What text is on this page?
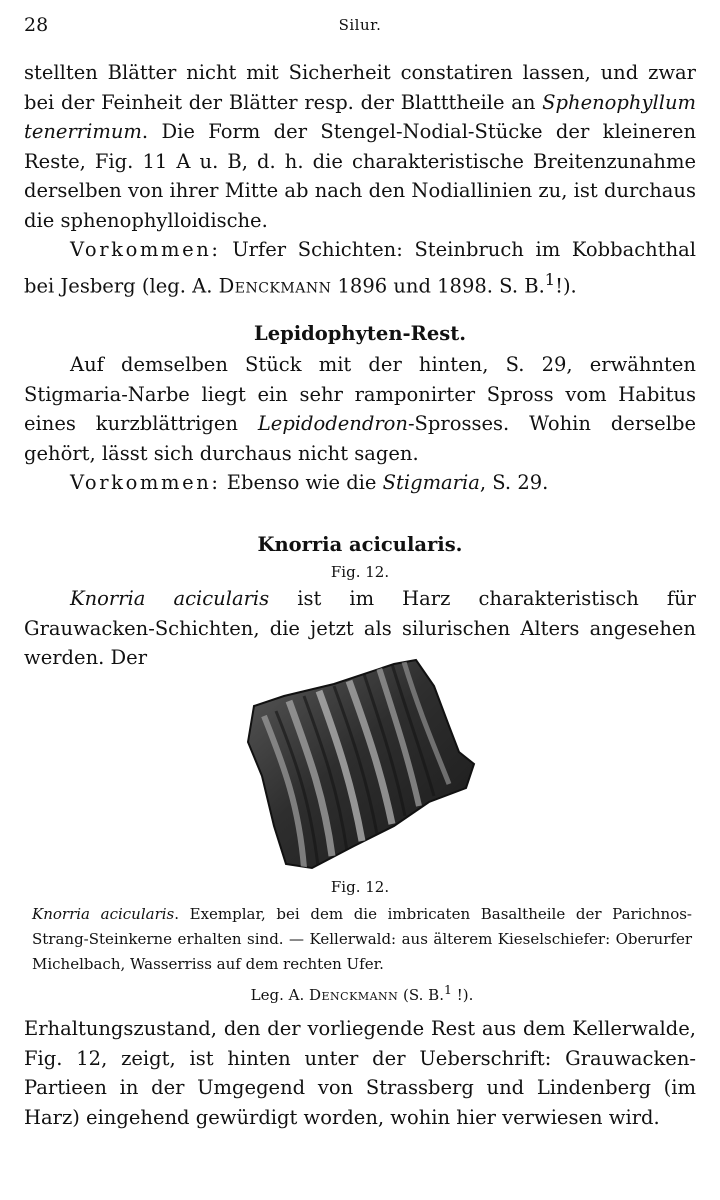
28	Silur.

stellten Blätter nicht mit Sicherheit constatiren lassen, und zwar bei der Feinheit der Blätter resp. der Blatttheile an Sphenophyllum tenerrimum. Die Form der Stengel-Nodial-Stücke der kleineren Reste, Fig. 11 A u. B, d. h. die charakteristische Breitenzunahme derselben von ihrer Mitte ab nach den Nodiallinien zu, ist durchaus die sphenophylloidische.

Vorkommen: Urfer Schichten: Steinbruch im Kobbachthal bei Jesberg (leg. A. Denckmann 1896 und 1898. S. B.$^1$!).

Lepidophyten-Rest.

Auf demselben Stück mit der hinten, S. 29, erwähnten Stigmaria-Narbe liegt ein sehr ramponirter Spross vom Habitus eines kurzblättrigen Lepidodendron-Sprosses. Wohin derselbe gehört, lässt sich durchaus nicht sagen.

Vorkommen: Ebenso wie die Stigmaria, S. 29.

Knorria acicularis.
Fig. 12.

Knorria acicularis ist im Harz charakteristisch für Grauwacken-Schichten, die jetzt als silurischen Alters angesehen werden. Der

Fig. 12.

Knorria acicularis. Exemplar, bei dem die imbricaten Basaltheile der Parichnos-Strang-Steinkerne erhalten sind. — Kellerwald: aus älterem Kieselschiefer: Oberurfer Michelbach, Wasserriss auf dem rechten Ufer.

Leg. A. Denckmann (S. B.$^1$ !).

Erhaltungszustand, den der vorliegende Rest aus dem Kellerwalde, Fig. 12, zeigt, ist hinten unter der Ueberschrift: Grauwacken-Partieen in der Umgegend von Strassberg und Lindenberg (im Harz) eingehend gewürdigt worden, wohin hier verwiesen wird.
